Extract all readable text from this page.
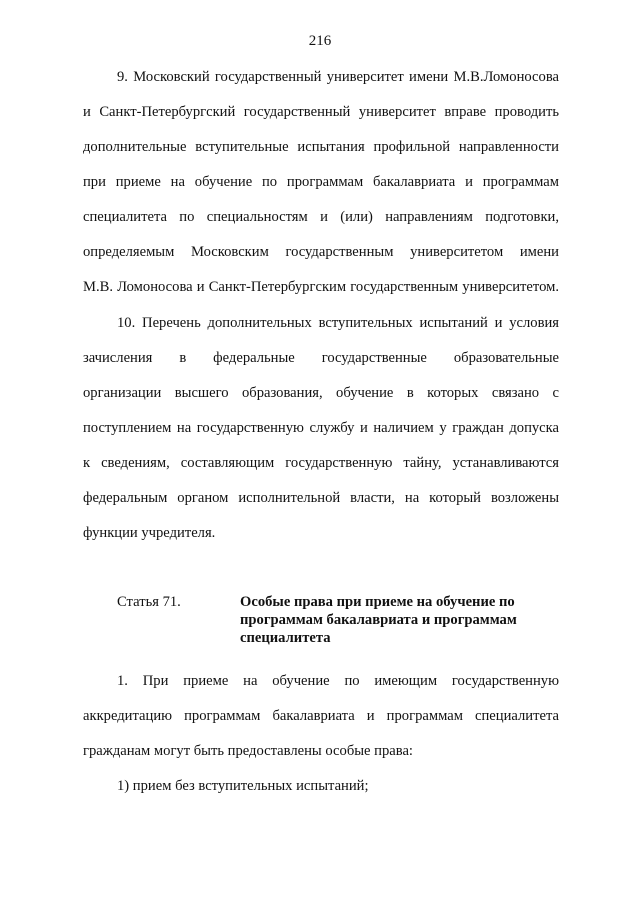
216
9. Московский государственный университет имени М.В.Ломоносова
и Санкт-Петербургский государственный университет вправе проводить
дополнительные вступительные испытания профильной направленности
при приеме на обучение по программам бакалавриата и программам
специалитета по специальностям и (или) направлениям подготовки,
определяемым Московским государственным университетом имени
М.В. Ломоносова и Санкт-Петербургским государственным университетом.
10. Перечень дополнительных вступительных испытаний и условия
зачисления в федеральные государственные образовательные
организации высшего образования, обучение в которых связано с
поступлением на государственную службу и наличием у граждан допуска
к сведениям, составляющим государственную тайну, устанавливаются
федеральным органом исполнительной власти, на который возложены
функции учредителя.
Статья 71.	Особые права при приеме на обучение по
программам бакалавриата и программам
специалитета
1. При приеме на обучение по имеющим государственную
аккредитацию программам бакалавриата и программам специалитета
гражданам могут быть предоставлены особые права:
1) прием без вступительных испытаний;
